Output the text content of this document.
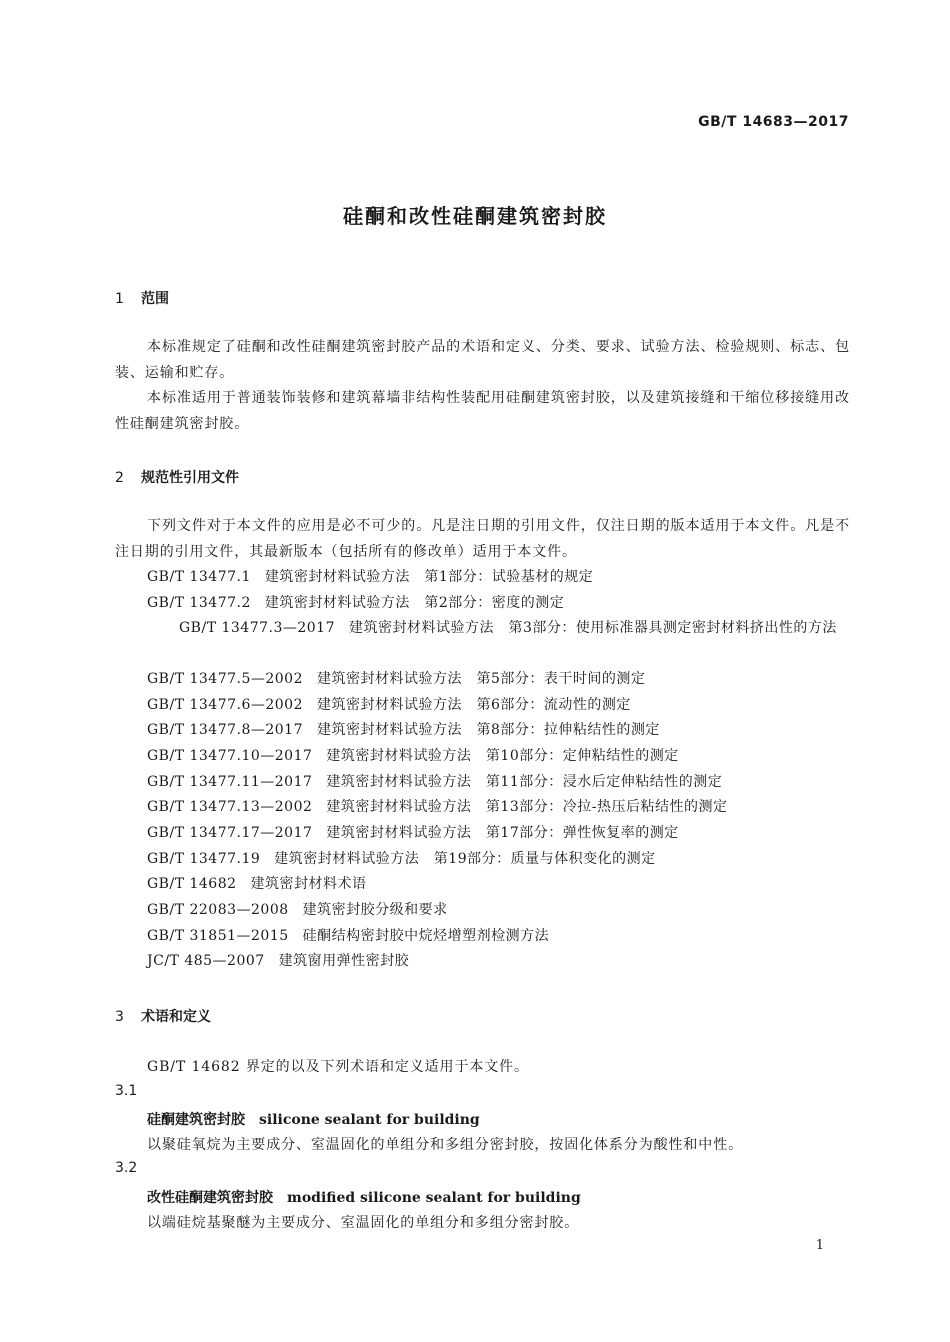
GB/T 14683—2017
硅酮和改性硅酮建筑密封胶
1 范围
本标准规定了硅酮和改性硅酮建筑密封胶产品的术语和定义、分类、要求、试验方法、检验规则、标志、包装、运输和贮存。
本标准适用于普通装饰装修和建筑幕墙非结构性装配用硅酮建筑密封胶，以及建筑接缝和干缩位移接缝用改性硅酮建筑密封胶。
2 规范性引用文件
下列文件对于本文件的应用是必不可少的。凡是注日期的引用文件，仅注日期的版本适用于本文件。凡是不注日期的引用文件，其最新版本（包括所有的修改单）适用于本文件。
GB/T 13477.1 建筑密封材料试验方法　第1部分：试验基材的规定
GB/T 13477.2 建筑密封材料试验方法　第2部分：密度的测定
GB/T 13477.3—2017 建筑密封材料试验方法　第3部分：使用标准器具测定密封材料挤出性的方法
GB/T 13477.5—2002 建筑密封材料试验方法　第5部分：表干时间的测定
GB/T 13477.6—2002 建筑密封材料试验方法　第6部分：流动性的测定
GB/T 13477.8—2017 建筑密封材料试验方法　第8部分：拉伸粘结性的测定
GB/T 13477.10—2017 建筑密封材料试验方法　第10部分：定伸粘结性的测定
GB/T 13477.11—2017 建筑密封材料试验方法　第11部分：浸水后定伸粘结性的测定
GB/T 13477.13—2002 建筑密封材料试验方法　第13部分：冷拉-热压后粘结性的测定
GB/T 13477.17—2017 建筑密封材料试验方法　第17部分：弹性恢复率的测定
GB/T 13477.19 建筑密封材料试验方法　第19部分：质量与体积变化的测定
GB/T 14682 建筑密封材料术语
GB/T 22083—2008 建筑密封胶分级和要求
GB/T 31851—2015 硅酮结构密封胶中烷烃增塑剂检测方法
JC/T 485—2007 建筑窗用弹性密封胶
3 术语和定义
GB/T 14682 界定的以及下列术语和定义适用于本文件。
3.1
硅酮建筑密封胶 silicone sealant for building
以聚硅氧烷为主要成分、室温固化的单组分和多组分密封胶，按固化体系分为酸性和中性。
3.2
改性硅酮建筑密封胶 modified silicone sealant for building
以端硅烷基聚醚为主要成分、室温固化的单组分和多组分密封胶。
1
